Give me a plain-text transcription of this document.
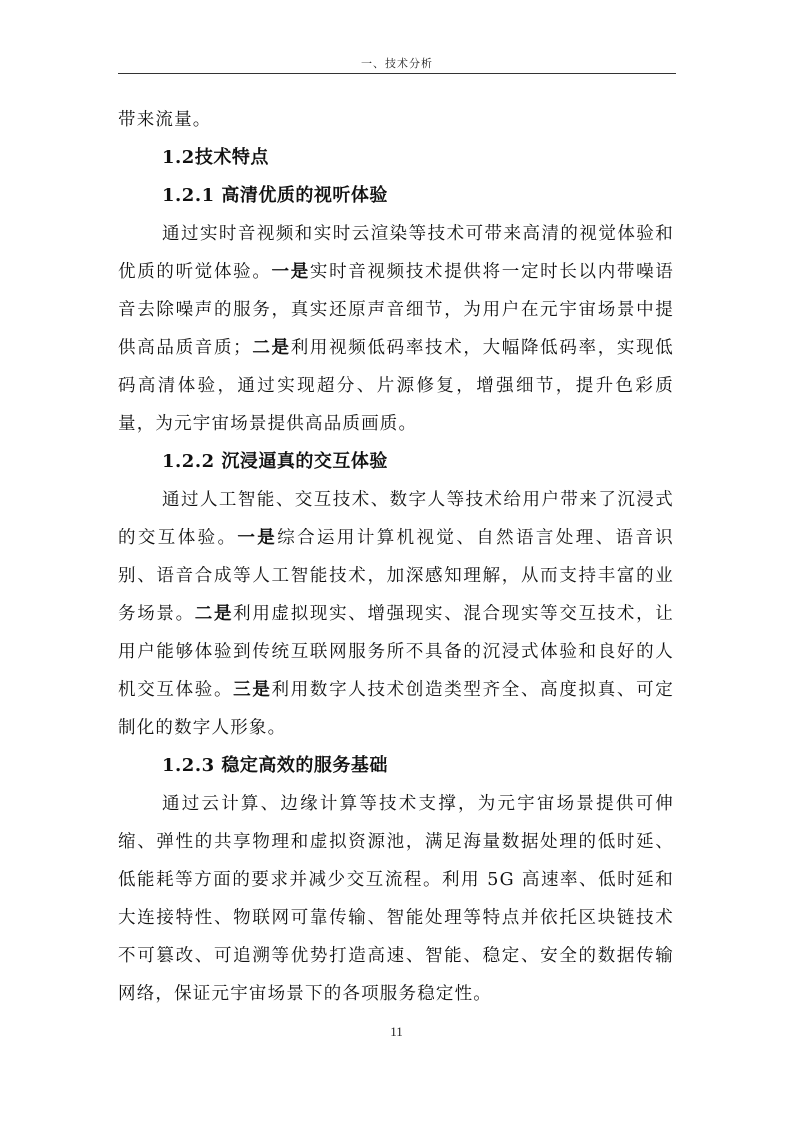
一、技术分析

带来流量。

1.2技术特点

1.2.1 高清优质的视听体验

通过实时音视频和实时云渲染等技术可带来高清的视觉体验和优质的听觉体验。一是实时音视频技术提供将一定时长以内带噪语音去除噪声的服务，真实还原声音细节，为用户在元宇宙场景中提供高品质音质；二是利用视频低码率技术，大幅降低码率，实现低码高清体验，通过实现超分、片源修复，增强细节，提升色彩质量，为元宇宙场景提供高品质画质。

1.2.2 沉浸逼真的交互体验

通过人工智能、交互技术、数字人等技术给用户带来了沉浸式的交互体验。一是综合运用计算机视觉、自然语言处理、语音识别、语音合成等人工智能技术，加深感知理解，从而支持丰富的业务场景。二是利用虚拟现实、增强现实、混合现实等交互技术，让用户能够体验到传统互联网服务所不具备的沉浸式体验和良好的人机交互体验。三是利用数字人技术创造类型齐全、高度拟真、可定制化的数字人形象。

1.2.3 稳定高效的服务基础

通过云计算、边缘计算等技术支撑，为元宇宙场景提供可伸缩、弹性的共享物理和虚拟资源池，满足海量数据处理的低时延、低能耗等方面的要求并减少交互流程。利用 5G 高速率、低时延和大连接特性、物联网可靠传输、智能处理等特点并依托区块链技术不可篡改、可追溯等优势打造高速、智能、稳定、安全的数据传输网络，保证元宇宙场景下的各项服务稳定性。

11
